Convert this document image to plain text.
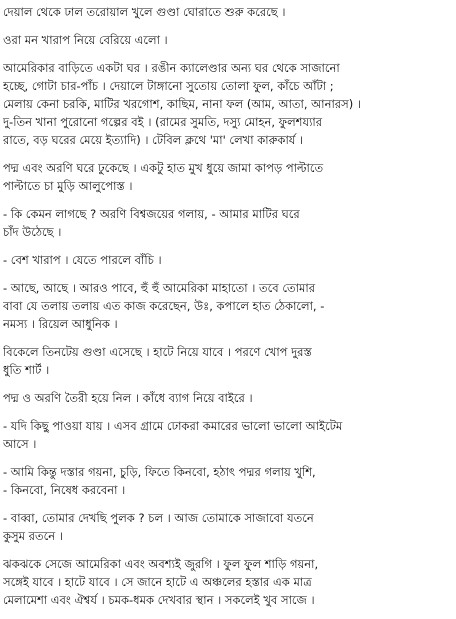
দেয়াল থেকে ঢাল তরোয়াল খুলে গুণ্ডা ঘোরাতে শুরু করেছে ।
ওরা মন খারাপ নিয়ে বেরিয়ে এলো ।
আমেরিকার বাড়িতে একটা ঘর । রঙীন ক্যালেণ্ডার অন্য ঘর থেকে সাজানো
হচ্ছে, গোটা চার-পাঁচ । দেয়ালে টাঙ্গানো সুতোয় তোলা ফুল, কাঁচে আঁটা ;
মেলায় কেনা চরকি, মাটির খরগোশ, কাছিম, নানা ফল (আম, আতা, আনারস) ।
দু-তিন খানা পুরোনো গল্পের বই । (রামের সুমতি, দস্যু মোহন, ফুলশয্যার
রাতে, বড় ঘরের মেয়ে ইত্যাদি) । টেবিল ক্লথে 'মা' লেখা কারুকার্য ।
পদ্ম এবং অরণি ঘরে ঢুকেছে । একটু হাত মুখ ধুয়ে জামা কাপড় পাল্টাতে
পাল্টাতে চা মুড়ি আলুপোস্ত ।
- কি কেমন লাগছে ? অরণি বিশ্বজয়ের গলায়, - আমার মাটির ঘরে
চাঁদ উঠেছে ।
- বেশ খারাপ । যেতে পারলে বাঁচি ।
- আছে, আছে । আরও পাবে, হুঁ হুঁ আমেরিকা মাহাতো । তবে তোমার
বাবা যে তলায় তলায় এত কাজ করেছেন, উঃ, কপালে হাত ঠেকালো, -
নমস্য । রিয়েল আধুনিক ।
বিকেলে তিনটেয় গুণ্ডা এসেছে । হাটে নিয়ে যাবে । পরণে খোপ দুরস্ত
ধুতি শার্ট ।
পদ্ম ও অরণি তৈরী হয়ে নিল । কাঁধে ব্যাগ নিয়ে বাইরে ।
- যদি কিছু পাওয়া যায় । এসব গ্রামে ঢোকরা কমারের ভালো ভালো আইটেম
আসে ।
- আমি কিন্তু দস্তার গয়না, চুড়ি, ফিতে কিনবো, হঠাৎ পদ্মর গলায় খুশি,
- কিনবো, নিষেধ করবেনা ।
- বাব্বা, তোমার দেখছি পুলক ? চল । আজ তোমাকে সাজাবো যতনে
কুসুম রতনে ।
ঝকঝকে সেজে আমেরিকা এবং অবশ্যই জুরগি । ফুল ফুল শাড়ি গয়না,
সঙ্গেই যাবে । হাটে যাবে । সে জানে হাটে এ অঞ্চলের হস্তার এক মাত্র
মেলামেশা এবং ঐশ্বর্য । চমক-ধমক দেখবার স্থান । সকলেই খুব সাজে ।
